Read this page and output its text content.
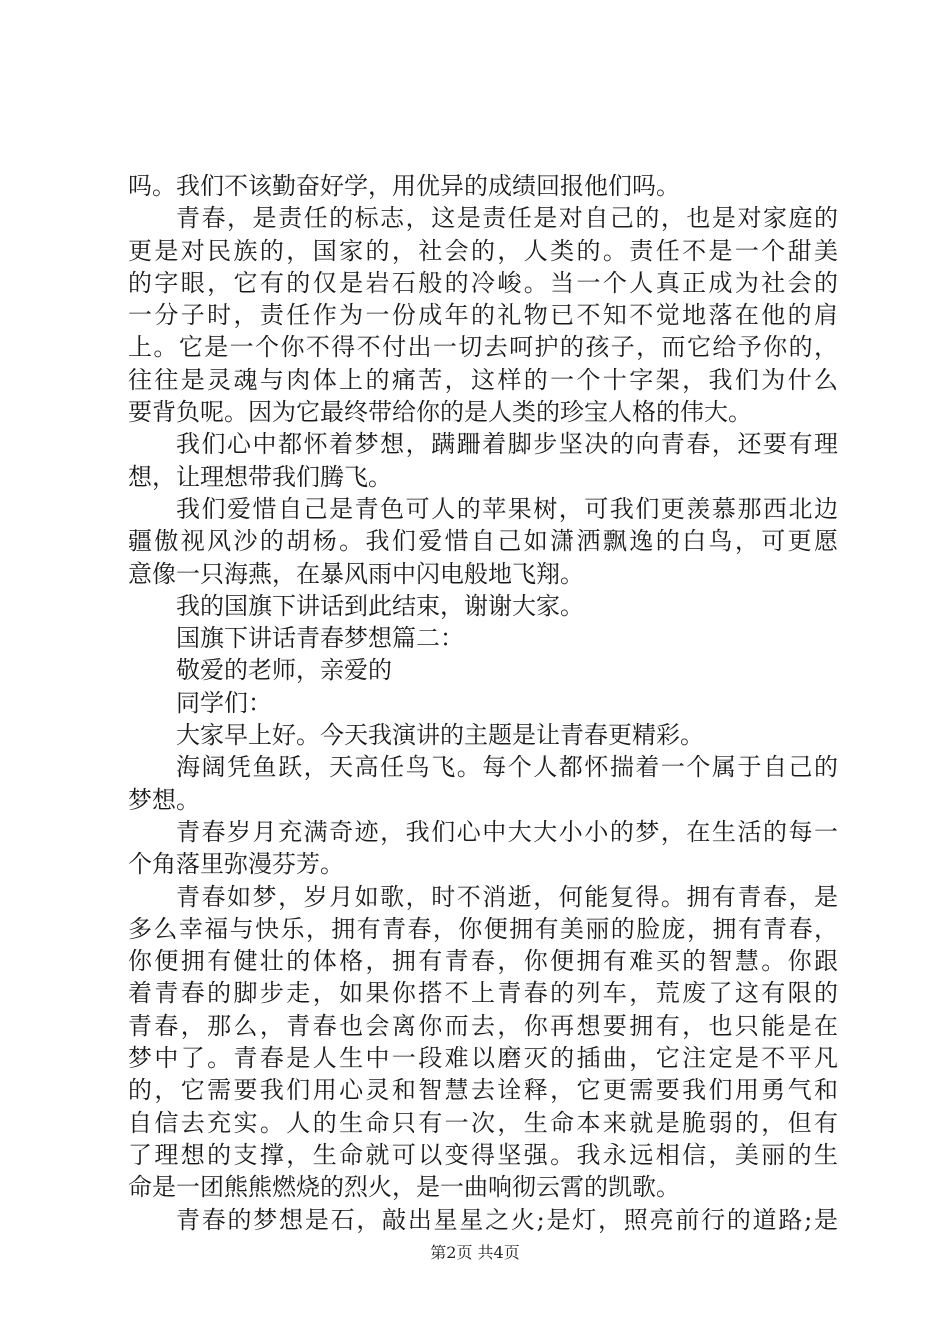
吗。我们不该勤奋好学，用优异的成绩回报他们吗。
青春，是责任的标志，这是责任是对自己的，也是对家庭的
更是对民族的，国家的，社会的，人类的。责任不是一个甜美
的字眼，它有的仅是岩石般的冷峻。当一个人真正成为社会的
一分子时，责任作为一份成年的礼物已不知不觉地落在他的肩
上。它是一个你不得不付出一切去呵护的孩子，而它给予你的，
往往是灵魂与肉体上的痛苦，这样的一个十字架，我们为什么
要背负呢。因为它最终带给你的是人类的珍宝人格的伟大。
我们心中都怀着梦想，蹒跚着脚步坚决的向青春，还要有理
想，让理想带我们腾飞。
我们爱惜自己是青色可人的苹果树，可我们更羡慕那西北边
疆傲视风沙的胡杨。我们爱惜自己如潇洒飘逸的白鸟，可更愿
意像一只海燕，在暴风雨中闪电般地飞翔。
我的国旗下讲话到此结束，谢谢大家。
国旗下讲话青春梦想篇二：
敬爱的老师，亲爱的
同学们：
大家早上好。今天我演讲的主题是让青春更精彩。
海阔凭鱼跃，天高任鸟飞。每个人都怀揣着一个属于自己的
梦想。
青春岁月充满奇迹，我们心中大大小小的梦，在生活的每一
个角落里弥漫芬芳。
青春如梦，岁月如歌，时不消逝，何能复得。拥有青春，是
多么幸福与快乐，拥有青春，你便拥有美丽的脸庞，拥有青春，
你便拥有健壮的体格，拥有青春，你便拥有难买的智慧。你跟
着青春的脚步走，如果你搭不上青春的列车，荒废了这有限的
青春，那么，青春也会离你而去，你再想要拥有，也只能是在
梦中了。青春是人生中一段难以磨灭的插曲，它注定是不平凡
的，它需要我们用心灵和智慧去诠释，它更需要我们用勇气和
自信去充实。人的生命只有一次，生命本来就是脆弱的，但有
了理想的支撑，生命就可以变得坚强。我永远相信，美丽的生
命是一团熊熊燃烧的烈火，是一曲响彻云霄的凯歌。
青春的梦想是石，敲出星星之火;是灯，照亮前行的道路;是
第2页 共4页
